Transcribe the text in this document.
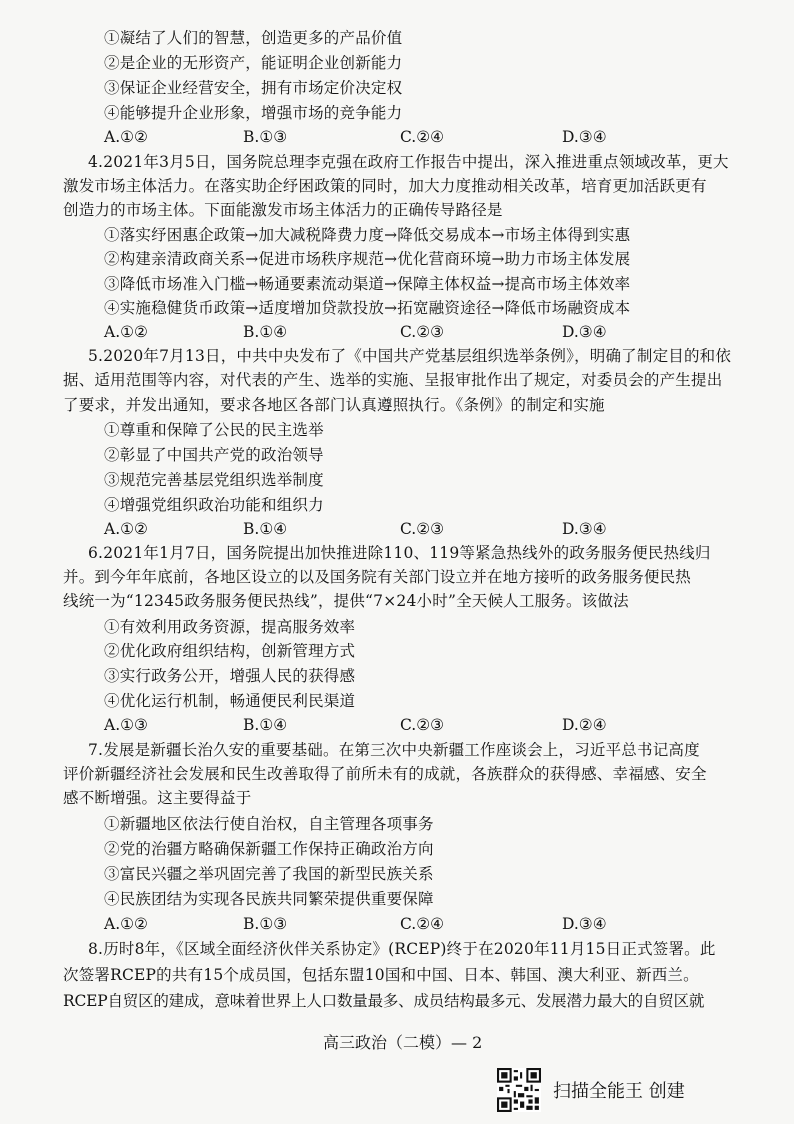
①凝结了人们的智慧，创造更多的产品价值
②是企业的无形资产，能证明企业创新能力
③保证企业经营安全，拥有市场定价决定权
④能够提升企业形象，增强市场的竞争能力
A.①②	B.①③	C.②④	D.③④
4.2021年3月5日，国务院总理李克强在政府工作报告中提出，深入推进重点领域改革，更大
激发市场主体活力。在落实助企纾困政策的同时，加大力度推动相关改革，培育更加活跃更有
创造力的市场主体。下面能激发市场主体活力的正确传导路径是
①落实纾困惠企政策→加大减税降费力度→降低交易成本→市场主体得到实惠
②构建亲清政商关系→促进市场秩序规范→优化营商环境→助力市场主体发展
③降低市场准入门槛→畅通要素流动渠道→保障主体权益→提高市场主体效率
④实施稳健货币政策→适度增加贷款投放→拓宽融资途径→降低市场融资成本
A.①②	B.①④	C.②③	D.③④
5.2020年7月13日，中共中央发布了《中国共产党基层组织选举条例》，明确了制定目的和依
据、适用范围等内容，对代表的产生、选举的实施、呈报审批作出了规定，对委员会的产生提出
了要求，并发出通知，要求各地区各部门认真遵照执行。《条例》的制定和实施
①尊重和保障了公民的民主选举
②彰显了中国共产党的政治领导
③规范完善基层党组织选举制度
④增强党组织政治功能和组织力
A.①②	B.①④	C.②③	D.③④
6.2021年1月7日，国务院提出加快推进除110、119等紧急热线外的政务服务便民热线归
并。到今年年底前，各地区设立的以及国务院有关部门设立并在地方接听的政务服务便民热
线统一为“12345政务服务便民热线”，提供“7×24小时”全天候人工服务。该做法
①有效利用政务资源，提高服务效率
②优化政府组织结构，创新管理方式
③实行政务公开，增强人民的获得感
④优化运行机制，畅通便民利民渠道
A.①③	B.①④	C.②③	D.②④
7.发展是新疆长治久安的重要基础。在第三次中央新疆工作座谈会上，习近平总书记高度
评价新疆经济社会发展和民生改善取得了前所未有的成就，各族群众的获得感、幸福感、安全
感不断增强。这主要得益于
①新疆地区依法行使自治权，自主管理各项事务
②党的治疆方略确保新疆工作保持正确政治方向
③富民兴疆之举巩固完善了我国的新型民族关系
④民族团结为实现各民族共同繁荣提供重要保障
A.①②	B.①③	C.②④	D.③④
8.历时8年，《区域全面经济伙伴关系协定》(RCEP)终于在2020年11月15日正式签署。此
次签署RCEP的共有15个成员国，包括东盟10国和中国、日本、韩国、澳大利亚、新西兰。
RCEP自贸区的建成，意味着世界上人口数量最多、成员结构最多元、发展潜力最大的自贸区就
高三政治（二模）— 2
扫描全能王 创建
